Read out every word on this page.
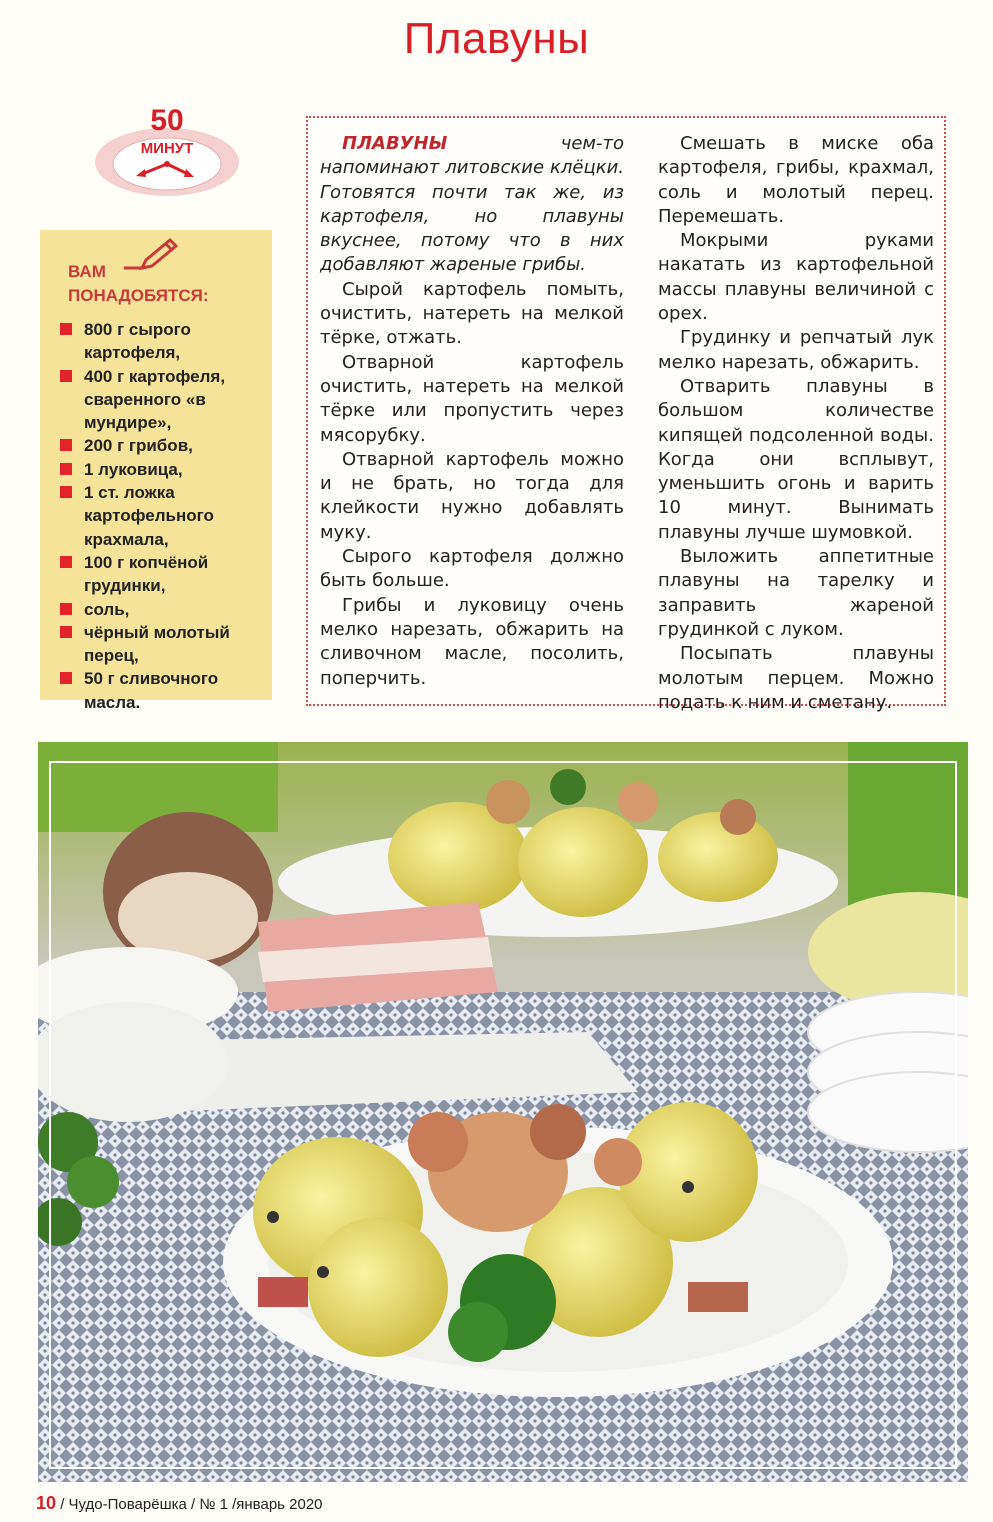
Плавуны
50
МИНУТ
ВАМ
ПОНАДОБЯТСЯ:
800 г сырого картофеля,
400 г картофеля, сваренного «в мундире»,
200 г грибов,
1 луковица,
1 ст. ложка картофельного крахмала,
100 г копчёной грудинки,
соль,
чёрный молотый перец,
50 г сливочного масла.

ПЛАВУНЫ чем-то напоминают литовские клёцки. Готовятся почти так же, из картофеля, но плавуны вкуснее, потому что в них добавляют жареные грибы.

Сырой картофель помыть, очистить, натереть на мелкой тёрке, отжать.

Отварной картофель очистить, натереть на мелкой тёрке или пропустить через мясорубку.

Отварной картофель можно и не брать, но тогда для клейкости нужно добавлять муку.

Сырого картофеля должно быть больше.

Грибы и луковицу очень мелко нарезать, обжарить на сливочном масле, посолить, поперчить.

Смешать в миске оба картофеля, грибы, крахмал, соль и молотый перец. Перемешать.

Мокрыми руками накатать из картофельной массы плавуны величиной с орех.

Грудинку и репчатый лук мелко нарезать, обжарить.

Отварить плавуны в большом количестве кипящей подсоленной воды. Когда они всплывут, уменьшить огонь и варить 10 минут. Вынимать плавуны лучше шумовкой.

Выложить аппетитные плавуны на тарелку и заправить жареной грудинкой с луком.

Посыпать плавуны молотым перцем. Можно подать к ним и сметану.

10 / Чудо-Поварёшка / № 1 /январь 2020
